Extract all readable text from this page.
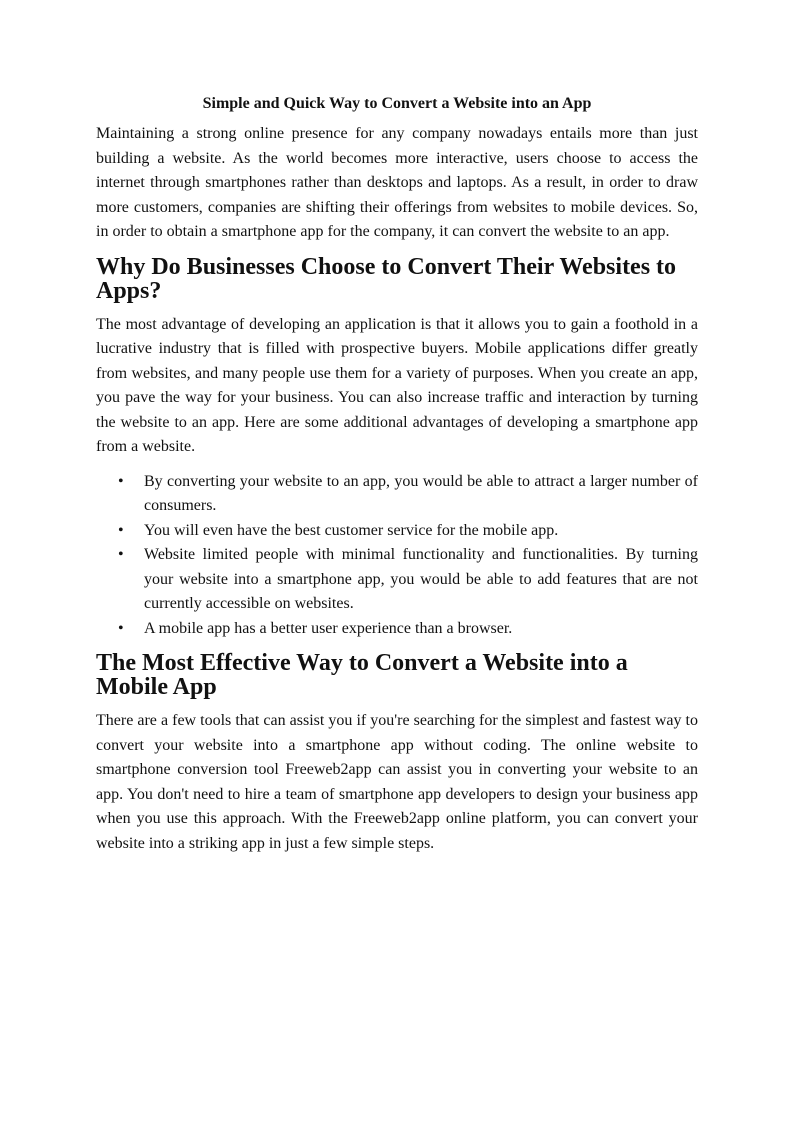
Simple and Quick Way to Convert a Website into an App

Maintaining a strong online presence for any company nowadays entails more than just building a website. As the world becomes more interactive, users choose to access the internet through smartphones rather than desktops and laptops. As a result, in order to draw more customers, companies are shifting their offerings from websites to mobile devices. So, in order to obtain a smartphone app for the company, it can convert the website to an app.

Why Do Businesses Choose to Convert Their Websites to Apps?

The most advantage of developing an application is that it allows you to gain a foothold in a lucrative industry that is filled with prospective buyers. Mobile applications differ greatly from websites, and many people use them for a variety of purposes. When you create an app, you pave the way for your business. You can also increase traffic and interaction by turning the website to an app. Here are some additional advantages of developing a smartphone app from a website.

• By converting your website to an app, you would be able to attract a larger number of consumers.
• You will even have the best customer service for the mobile app.
• Website limited people with minimal functionality and functionalities. By turning your website into a smartphone app, you would be able to add features that are not currently accessible on websites.
• A mobile app has a better user experience than a browser.
The Most Effective Way to Convert a Website into a Mobile App

There are a few tools that can assist you if you're searching for the simplest and fastest way to convert your website into a smartphone app without coding. The online website to smartphone conversion tool Freeweb2app can assist you in converting your website to an app. You don't need to hire a team of smartphone app developers to design your business app when you use this approach. With the Freeweb2app online platform, you can convert your website into a striking app in just a few simple steps.
